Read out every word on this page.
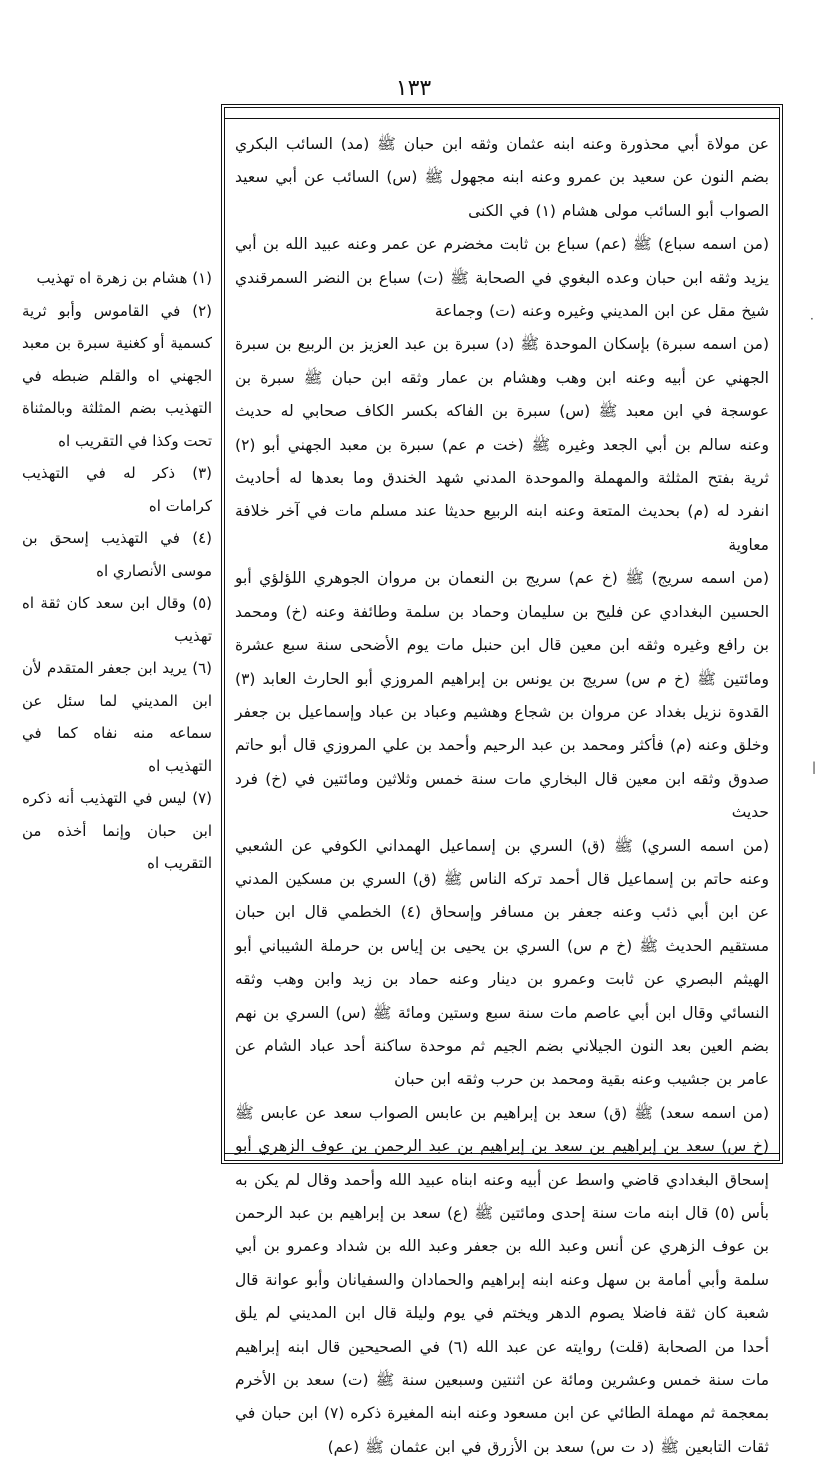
١٣٣

عن مولاة أبي محذورة وعنه ابنه عثمان وثقه ابن حبان ﷺ (مد) السائب البكري بضم النون عن سعيد بن عمرو وعنه ابنه مجهول ﷺ (س) السائب عن أبي سعيد الصواب أبو السائب مولى هشام (١) في الكنى

(من اسمه سباع) ﷺ (عم) سباع بن ثابت مخضرم عن عمر وعنه عبيد الله بن أبي يزيد وثقه ابن حبان وعده البغوي في الصحابة ﷺ (ت) سباع بن النضر السمرقندي شيخ مقل عن ابن المديني وغيره وعنه (ت) وجماعة

(من اسمه سبرة) بإسكان الموحدة ﷺ (د) سبرة بن عبد العزيز بن الربيع بن سبرة الجهني عن أبيه وعنه ابن وهب وهشام بن عمار وثقه ابن حبان ﷺ سبرة بن عوسجة في ابن معبد ﷺ (س) سبرة بن الفاكه بكسر الكاف صحابي له حديث وعنه سالم بن أبي الجعد وغيره ﷺ (خت م عم) سبرة بن معبد الجهني أبو (٢) ثرية بفتح المثلثة والمهملة والموحدة المدني شهد الخندق وما بعدها له أحاديث انفرد له (م) بحديث المتعة وعنه ابنه الربيع حديثا عند مسلم مات في آخر خلافة معاوية

(من اسمه سريج) ﷺ (خ عم) سريج بن النعمان بن مروان الجوهري اللؤلؤي أبو الحسين البغدادي عن فليح بن سليمان وحماد بن سلمة وطائفة وعنه (خ) ومحمد بن رافع وغيره وثقه ابن معين قال ابن حنبل مات يوم الأضحى سنة سبع عشرة ومائتين ﷺ (خ م س) سريج بن يونس بن إبراهيم المروزي أبو الحارث العابد (٣) القدوة نزيل بغداد عن مروان بن شجاع وهشيم وعباد بن عباد وإسماعيل بن جعفر وخلق وعنه (م) فأكثر ومحمد بن عبد الرحيم وأحمد بن علي المروزي قال أبو حاتم صدوق وثقه ابن معين قال البخاري مات سنة خمس وثلاثين ومائتين في (خ) فرد حديث

(من اسمه السري) ﷺ (ق) السري بن إسماعيل الهمداني الكوفي عن الشعبي وعنه حاتم بن إسماعيل قال أحمد تركه الناس ﷺ (ق) السري بن مسكين المدني عن ابن أبي ذئب وعنه جعفر بن مسافر وإسحاق (٤) الخطمي قال ابن حبان مستقيم الحديث ﷺ (خ م س) السري بن يحيى بن إياس بن حرملة الشيباني أبو الهيثم البصري عن ثابت وعمرو بن دينار وعنه حماد بن زيد وابن وهب وثقه النسائي وقال ابن أبي عاصم مات سنة سبع وستين ومائة ﷺ (س) السري بن نهم بضم العين بعد النون الجيلاني بضم الجيم ثم موحدة ساكنة أحد عباد الشام عن عامر بن جشيب وعنه بقية ومحمد بن حرب وثقه ابن حبان

(من اسمه سعد) ﷺ (ق) سعد بن إبراهيم بن عابس الصواب سعد عن عابس ﷺ (خ س) سعد بن إبراهيم بن سعد بن إبراهيم بن عبد الرحمن بن عوف الزهري أبو إسحاق البغدادي قاضي واسط عن أبيه وعنه ابناه عبيد الله وأحمد وقال لم يكن به بأس (٥) قال ابنه مات سنة إحدى ومائتين ﷺ (ع) سعد بن إبراهيم بن عبد الرحمن بن عوف الزهري عن أنس وعبد الله بن جعفر وعبد الله بن شداد وعمرو بن أبي سلمة وأبي أمامة بن سهل وعنه ابنه إبراهيم والحمادان والسفيانان وأبو عوانة قال شعبة كان ثقة فاضلا يصوم الدهر ويختم في يوم وليلة قال ابن المديني لم يلق أحدا من الصحابة (قلت) روايته عن عبد الله (٦) في الصحيحين قال ابنه إبراهيم مات سنة خمس وعشرين ومائة عن اثنتين وسبعين سنة ﷺ (ت) سعد بن الأخرم بمعجمة ثم مهملة الطائي عن ابن مسعود وعنه ابنه المغيرة ذكره (٧) ابن حبان في ثقات التابعين ﷺ (د ت س) سعد بن الأزرق في ابن عثمان ﷺ (عم)

(١) هشام بن زهرة اه تهذيب

(٢) في القاموس وأبو ثرية كسمية أو كغنية سبرة بن معبد الجهني اه والقلم ضبطه في التهذيب بضم المثلثة وبالمثناة تحت وكذا في التقريب اه

(٣) ذكر له في التهذيب كرامات اه

(٤) في التهذيب إسحق بن موسى الأنصاري اه

(٥) وقال ابن سعد كان ثقة اه تهذيب

(٦) يريد ابن جعفر المتقدم لأن ابن المديني لما سئل عن سماعه منه نفاه كما في التهذيب اه

(٧) ليس في التهذيب أنه ذكره ابن حبان وإنما أخذه من التقريب اه

·
|
